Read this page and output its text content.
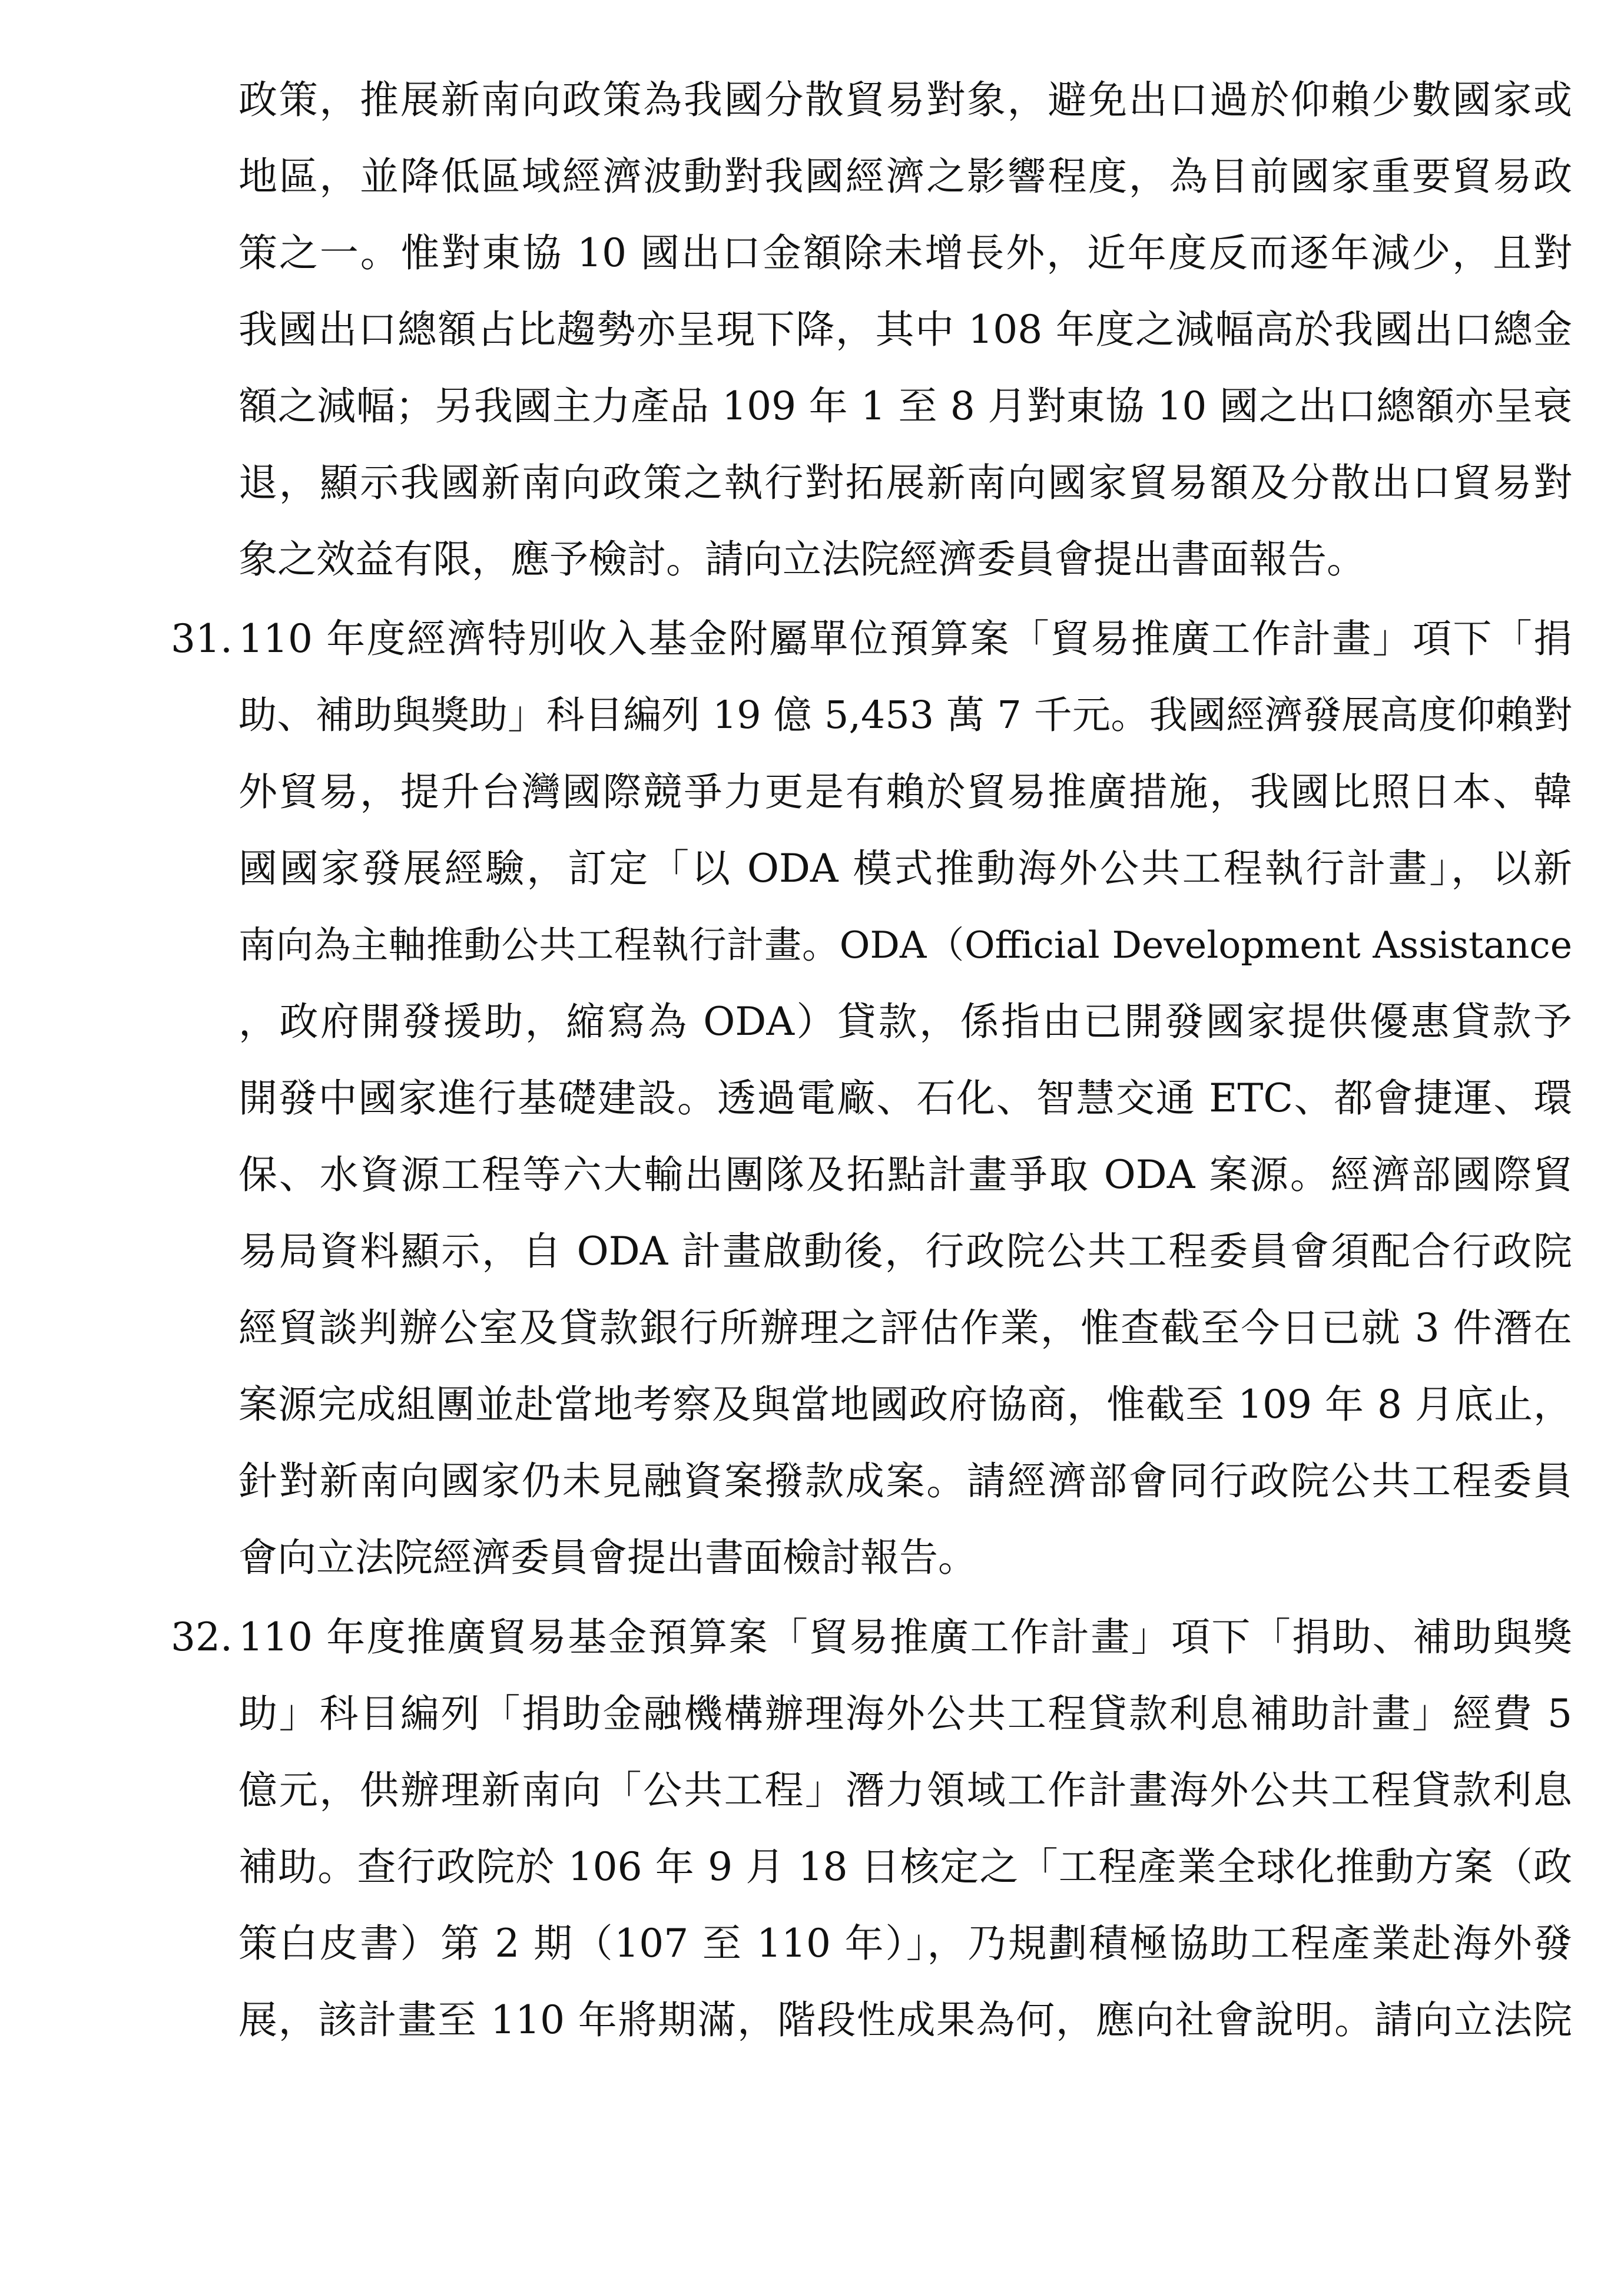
政策，推展新南向政策為我國分散貿易對象，避免出口過於仰賴少數國家或
地區，並降低區域經濟波動對我國經濟之影響程度，為目前國家重要貿易政
策之一。惟對東協 10 國出口金額除未增長外，近年度反而逐年減少，且對
我國出口總額占比趨勢亦呈現下降，其中 108 年度之減幅高於我國出口總金
額之減幅；另我國主力產品 109 年 1 至 8 月對東協 10 國之出口總額亦呈衰
退，顯示我國新南向政策之執行對拓展新南向國家貿易額及分散出口貿易對
象之效益有限，應予檢討。請向立法院經濟委員會提出書面報告。
31. 110 年度經濟特別收入基金附屬單位預算案「貿易推廣工作計畫」項下「捐
助、補助與獎助」科目編列 19 億 5,453 萬 7 千元。我國經濟發展高度仰賴對
外貿易，提升台灣國際競爭力更是有賴於貿易推廣措施，我國比照日本、韓
國國家發展經驗，訂定「以 ODA 模式推動海外公共工程執行計畫」，以新
南向為主軸推動公共工程執行計畫。ODA（Official Development Assistance
，政府開發援助，縮寫為 ODA）貸款，係指由已開發國家提供優惠貸款予
開發中國家進行基礎建設。透過電廠、石化、智慧交通 ETC、都會捷運、環
保、水資源工程等六大輸出團隊及拓點計畫爭取 ODA 案源。經濟部國際貿
易局資料顯示，自 ODA 計畫啟動後，行政院公共工程委員會須配合行政院
經貿談判辦公室及貸款銀行所辦理之評估作業，惟查截至今日已就 3 件潛在
案源完成組團並赴當地考察及與當地國政府協商，惟截至 109 年 8 月底止，
針對新南向國家仍未見融資案撥款成案。請經濟部會同行政院公共工程委員
會向立法院經濟委員會提出書面檢討報告。
32. 110 年度推廣貿易基金預算案「貿易推廣工作計畫」項下「捐助、補助與獎
助」科目編列「捐助金融機構辦理海外公共工程貸款利息補助計畫」經費 5
億元，供辦理新南向「公共工程」潛力領域工作計畫海外公共工程貸款利息
補助。查行政院於 106 年 9 月 18 日核定之「工程產業全球化推動方案（政
策白皮書）第 2 期（107 至 110 年）」，乃規劃積極協助工程產業赴海外發
展，該計畫至 110 年將期滿，階段性成果為何，應向社會說明。請向立法院
